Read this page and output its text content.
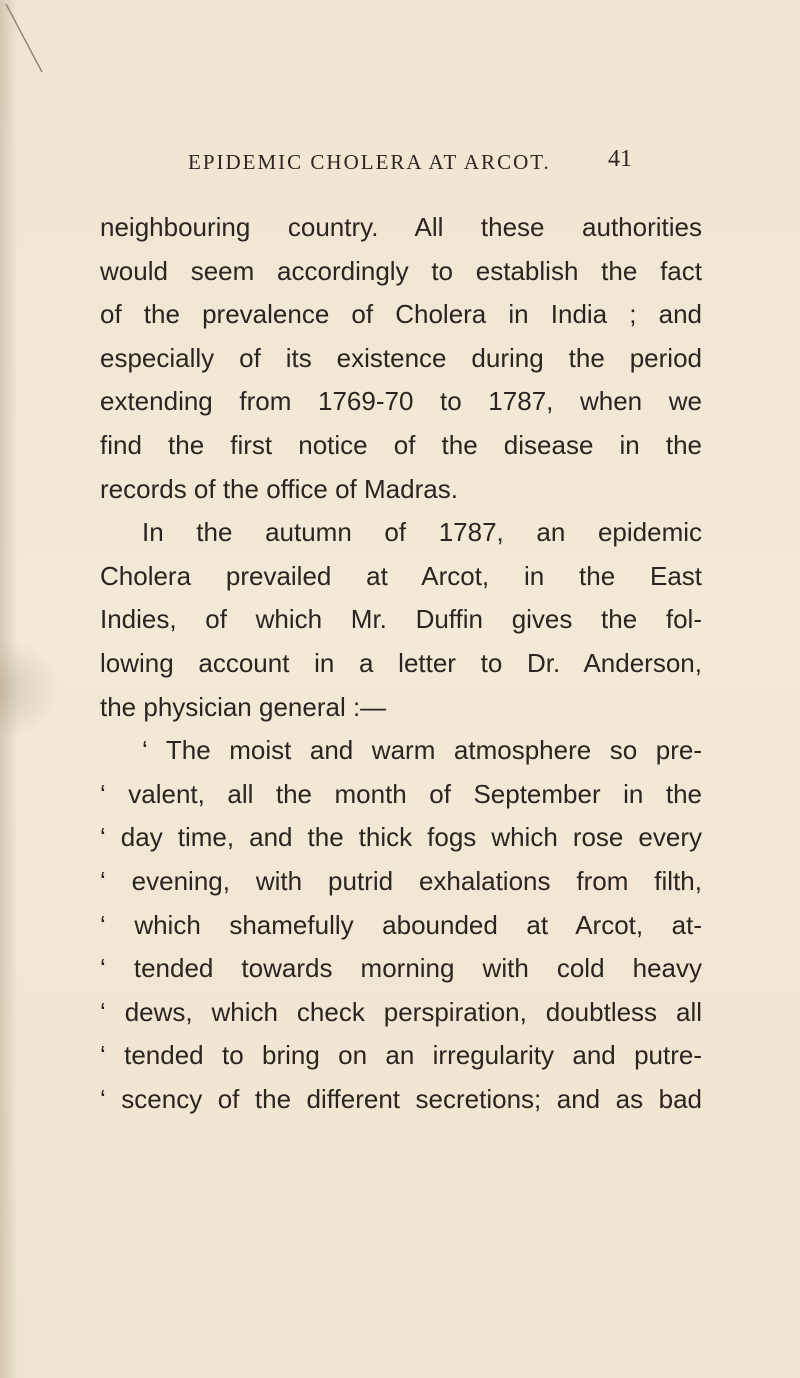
EPIDEMIC CHOLERA AT ARCOT.	41
neighbouring country. All these authorities
would seem accordingly to establish the fact
of the prevalence of Cholera in India ; and
especially of its existence during the period
extending from 1769-70 to 1787, when we
find the first notice of the disease in the
records of the office of Madras.
In the autumn of 1787, an epidemic
Cholera prevailed at Arcot, in the East
Indies, of which Mr. Duffin gives the fol-
lowing account in a letter to Dr. Anderson,
the physician general :—
‘ The moist and warm atmosphere so pre-
‘ valent, all the month of September in the
‘ day time, and the thick fogs which rose every
‘ evening, with putrid exhalations from filth,
‘ which shamefully abounded at Arcot, at-
‘ tended towards morning with cold heavy
‘ dews, which check perspiration, doubtless all
‘ tended to bring on an irregularity and putre-
‘ scency of the different secretions; and as bad
